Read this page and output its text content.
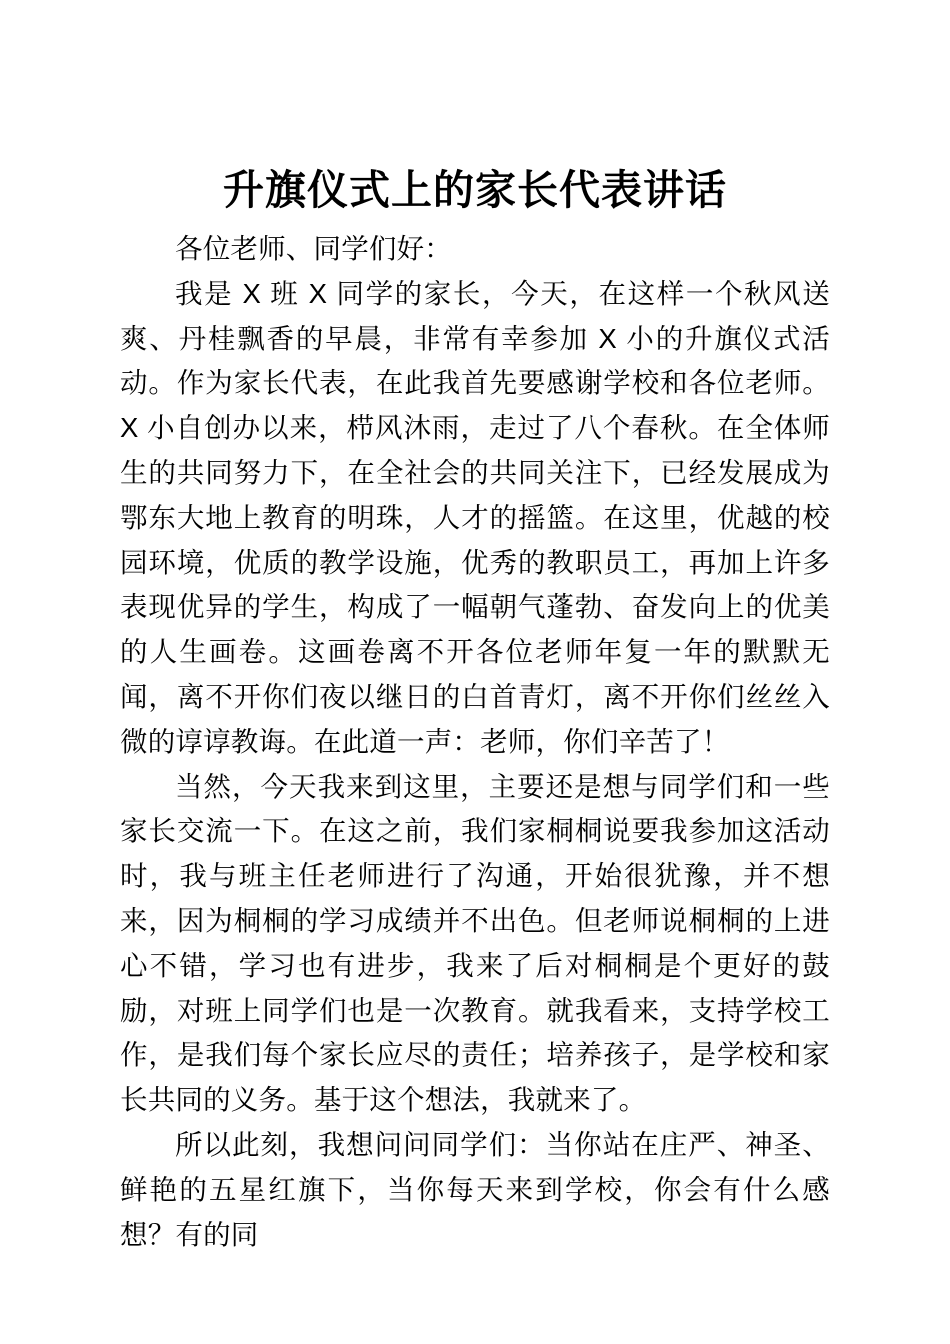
升旗仪式上的家长代表讲话

各位老师、同学们好：

我是 X 班 X 同学的家长，今天，在这样一个秋风送爽、丹桂飘香的早晨，非常有幸参加 X 小的升旗仪式活动。作为家长代表，在此我首先要感谢学校和各位老师。X 小自创办以来，栉风沐雨，走过了八个春秋。在全体师生的共同努力下，在全社会的共同关注下，已经发展成为鄂东大地上教育的明珠，人才的摇篮。在这里，优越的校园环境，优质的教学设施，优秀的教职员工，再加上许多表现优异的学生，构成了一幅朝气蓬勃、奋发向上的优美的人生画卷。这画卷离不开各位老师年复一年的默默无闻，离不开你们夜以继日的白首青灯，离不开你们丝丝入微的谆谆教诲。在此道一声：老师，你们辛苦了！

当然，今天我来到这里，主要还是想与同学们和一些家长交流一下。在这之前，我们家桐桐说要我参加这活动时，我与班主任老师进行了沟通，开始很犹豫，并不想来，因为桐桐的学习成绩并不出色。但老师说桐桐的上进心不错，学习也有进步，我来了后对桐桐是个更好的鼓励，对班上同学们也是一次教育。就我看来，支持学校工作，是我们每个家长应尽的责任；培养孩子，是学校和家长共同的义务。基于这个想法，我就来了。

所以此刻，我想问问同学们：当你站在庄严、神圣、鲜艳的五星红旗下，当你每天来到学校，你会有什么感想？有的同
